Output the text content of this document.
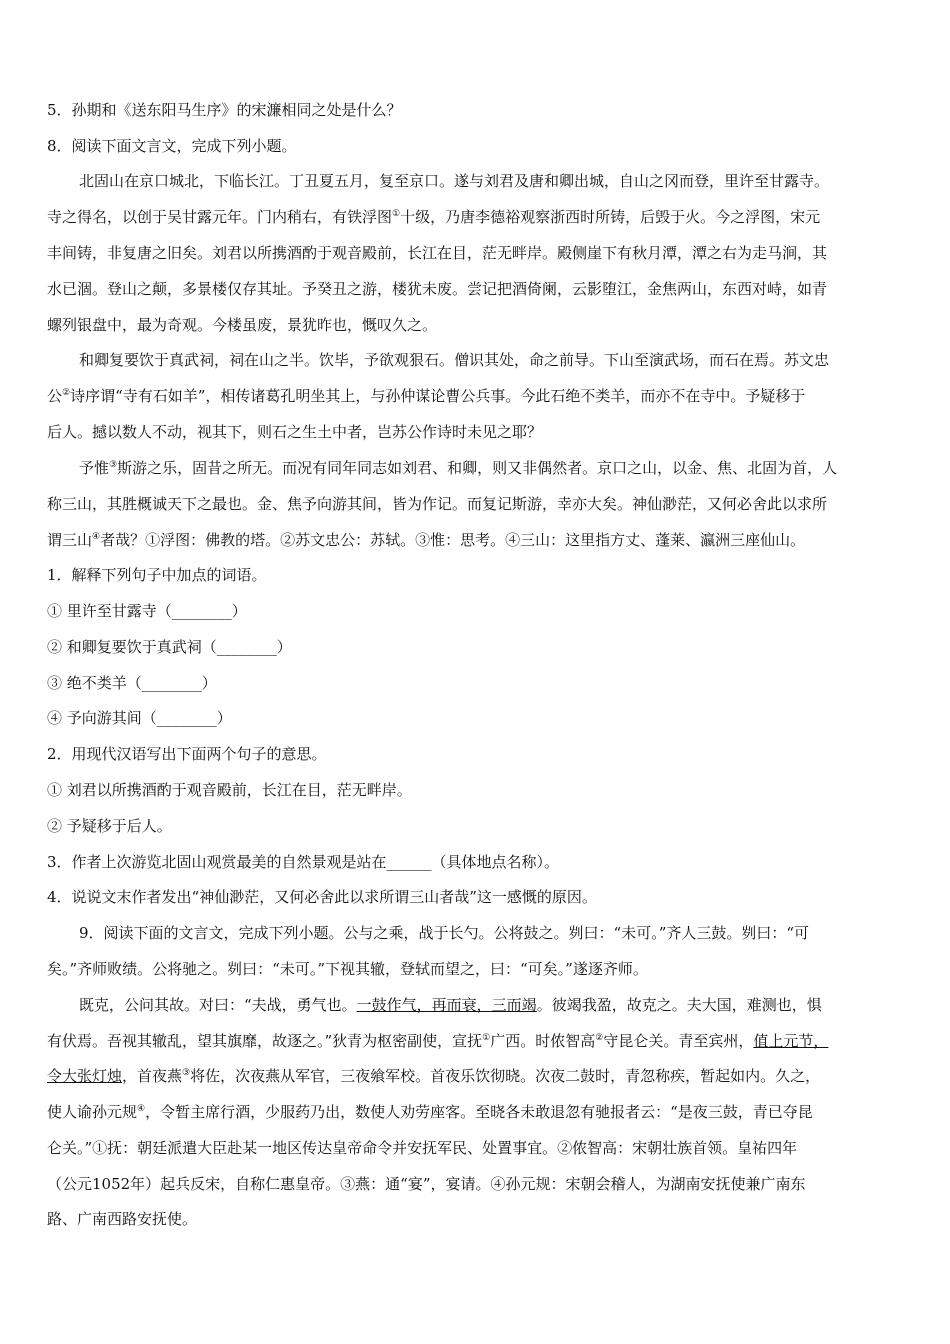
5．孙期和《送东阳马生序》的宋濂相同之处是什么？
8．阅读下面文言文，完成下列小题。
北固山在京口城北，下临长江。丁丑夏五月，复至京口。遂与刘君及唐和卿出城，自山之冈而登，里许至甘露寺。
寺之得名，以创于吴甘露元年。门内稍右，有铁浮图①十级，乃唐李德裕观察浙西时所铸，后毁于火。今之浮图，宋元
丰间铸，非复唐之旧矣。刘君以所携酒酌于观音殿前，长江在目，茫无畔岸。殿侧崖下有秋月潭，潭之右为走马涧，其
水已涸。登山之颠，多景楼仅存其址。予癸丑之游，楼犹未废。尝记把酒倚阑，云影堕江，金焦两山，东西对峙，如青
螺列银盘中，最为奇观。今楼虽废，景犹昨也，慨叹久之。
和卿复要饮于真武祠，祠在山之半。饮毕，予欲观狠石。僧识其处，命之前导。下山至演武场，而石在焉。苏文忠
公②诗序谓“寺有石如羊”，相传诸葛孔明坐其上，与孙仲谋论曹公兵事。今此石绝不类羊，而亦不在寺中。予疑移于
后人。撼以数人不动，视其下，则石之生土中者，岂苏公作诗时未见之耶？
予惟③斯游之乐，固昔之所无。而况有同年同志如刘君、和卿，则又非偶然者。京口之山，以金、焦、北固为首，人
称三山，其胜概诚天下之最也。金、焦予向游其间，皆为作记。而复记斯游，幸亦大矣。神仙渺茫，又何必舍此以求所
谓三山④者哉？①浮图：佛教的塔。②苏文忠公：苏轼。③惟：思考。④三山：这里指方丈、蓬莱、瀛洲三座仙山。
1．解释下列句子中加点的词语。
① 里许至甘露寺（________）
② 和卿复要饮于真武祠（________）
③ 绝不类羊（________）
④ 予向游其间（________）
2．用现代汉语写出下面两个句子的意思。
① 刘君以所携酒酌于观音殿前，长江在目，茫无畔岸。
② 予疑移于后人。
3．作者上次游览北固山观赏最美的自然景观是站在______（具体地点名称）。
4．说说文末作者发出“神仙渺茫，又何必舍此以求所谓三山者哉”这一感慨的原因。
9．阅读下面的文言文，完成下列小题。公与之乘，战于长勺。公将鼓之。刿曰：“未可。”齐人三鼓。刿曰：“可
矣。”齐师败绩。公将驰之。刿曰：“未可。”下视其辙，登轼而望之，曰：“可矣。”遂逐齐师。
既克，公问其故。对曰：“夫战，勇气也。一鼓作气，再而衰，三而竭。彼竭我盈，故克之。夫大国，难测也，惧
有伏焉。吾视其辙乱，望其旗靡，故逐之。”狄青为枢密副使，宣抚①广西。时侬智高②守昆仑关。青至宾州，值上元节，
令大张灯烛，首夜燕③将佐，次夜燕从军官，三夜飨军校。首夜乐饮彻晓。次夜二鼓时，青忽称疾，暂起如内。久之，
使人谕孙元规④，令暂主席行酒，少服药乃出，数使人劝劳座客。至晓各未敢退忽有驰报者云：“是夜三鼓，青已夺昆
仑关。”①抚：朝廷派遣大臣赴某一地区传达皇帝命令并安抚军民、处置事宜。②侬智高：宋朝壮族首领。皇祐四年
（公元1052年）起兵反宋，自称仁惠皇帝。③燕：通“宴”，宴请。④孙元规：宋朝会稽人，为湖南安抚使兼广南东
路、广南西路安抚使。
